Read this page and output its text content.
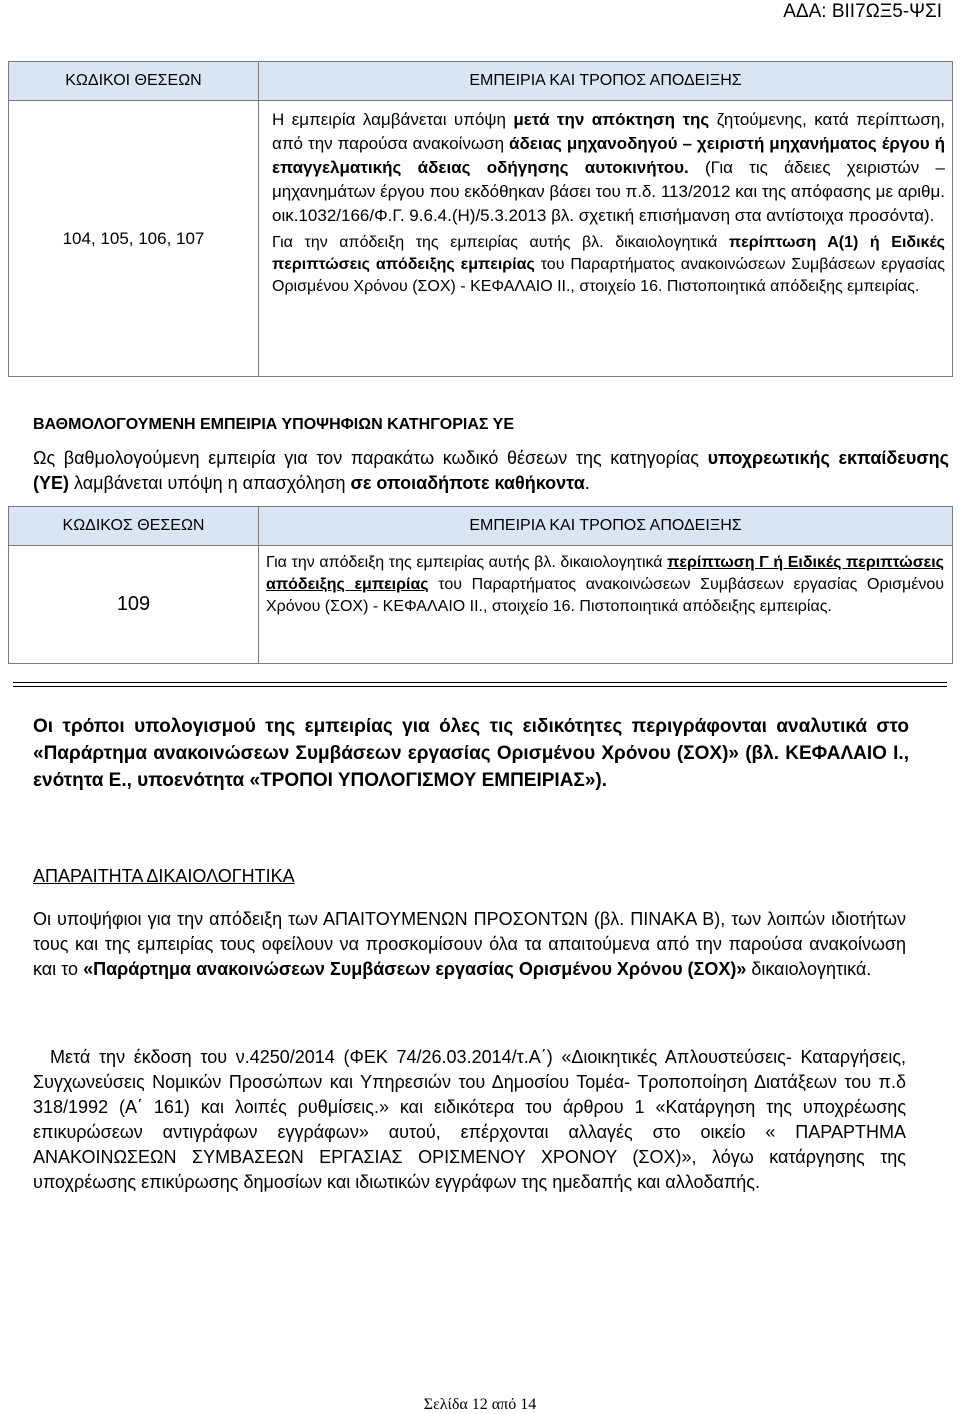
ΑΔΑ: ΒΙΙ7ΩΞ5-ΨΣΙ
ΚΩΔΙΚΟΙ ΘΕΣΕΩΝ	ΕΜΠΕΙΡΙΑ ΚΑΙ ΤΡΟΠΟΣ ΑΠΟΔΕΙΞΗΣ
104, 105, 106, 107	Η εμπειρία λαμβάνεται υπόψη μετά την απόκτηση της ζητούμενης, κατά περίπτωση, από την παρούσα ανακοίνωση άδειας μηχανοδηγού – χειριστή μηχανήματος έργου ή επαγγελματικής άδειας οδήγησης αυτοκινήτου. (Για τις άδειες χειριστών – μηχανημάτων έργου που εκδόθηκαν βάσει του π.δ. 113/2012 και της απόφασης με αριθμ. οικ.1032/166/Φ.Γ. 9.6.4.(Η)/5.3.2013 βλ. σχετική επισήμανση στα αντίστοιχα προσόντα).
Για την απόδειξη της εμπειρίας αυτής βλ. δικαιολογητικά περίπτωση Α(1) ή Ειδικές περιπτώσεις απόδειξης εμπειρίας του Παραρτήματος ανακοινώσεων Συμβάσεων εργασίας Ορισμένου Χρόνου (ΣΟΧ) - ΚΕΦΑΛΑΙΟ ΙΙ., στοιχείο 16. Πιστοποιητικά απόδειξης εμπειρίας.
ΒΑΘΜΟΛΟΓΟΥΜΕΝΗ ΕΜΠΕΙΡΙΑ ΥΠΟΨΗΦΙΩΝ ΚΑΤΗΓΟΡΙΑΣ ΥΕ
Ως βαθμολογούμενη εμπειρία για τον παρακάτω κωδικό θέσεων της κατηγορίας υποχρεωτικής εκπαίδευσης (ΥΕ) λαμβάνεται υπόψη η απασχόληση σε οποιαδήποτε καθήκοντα.
ΚΩΔΙΚΟΣ ΘΕΣΕΩΝ	ΕΜΠΕΙΡΙΑ ΚΑΙ ΤΡΟΠΟΣ ΑΠΟΔΕΙΞΗΣ
109	Για την απόδειξη της εμπειρίας αυτής βλ. δικαιολογητικά περίπτωση Γ ή Ειδικές περιπτώσεις απόδειξης εμπειρίας του Παραρτήματος ανακοινώσεων Συμβάσεων εργασίας Ορισμένου Χρόνου (ΣΟΧ) - ΚΕΦΑΛΑΙΟ ΙΙ., στοιχείο 16. Πιστοποιητικά απόδειξης εμπειρίας.
Οι τρόποι υπολογισμού της εμπειρίας για όλες τις ειδικότητες περιγράφονται αναλυτικά στο «Παράρτημα ανακοινώσεων Συμβάσεων εργασίας Ορισμένου Χρόνου (ΣΟΧ)» (βλ. ΚΕΦΑΛΑΙΟ Ι., ενότητα Ε., υποενότητα «ΤΡΟΠΟΙ ΥΠΟΛΟΓΙΣΜΟΥ ΕΜΠΕΙΡΙΑΣ»).
ΑΠΑΡΑΙΤΗΤΑ ΔΙΚΑΙΟΛΟΓΗΤΙΚΑ
Οι υποψήφιοι για την απόδειξη των ΑΠΑΙΤΟΥΜΕΝΩΝ ΠΡΟΣΟΝΤΩΝ (βλ. ΠΙΝΑΚΑ Β), των λοιπών ιδιοτήτων τους και της εμπειρίας τους οφείλουν να προσκομίσουν όλα τα απαιτούμενα από την παρούσα ανακοίνωση και το «Παράρτημα ανακοινώσεων Συμβάσεων εργασίας Ορισμένου Χρόνου (ΣΟΧ)» δικαιολογητικά.
Μετά την έκδοση του ν.4250/2014 (ΦΕΚ 74/26.03.2014/τ.Α΄) «Διοικητικές Απλουστεύσεις- Καταργήσεις, Συγχωνεύσεις Νομικών Προσώπων και Υπηρεσιών του Δημοσίου Τομέα- Τροποποίηση Διατάξεων του π.δ 318/1992 (Α΄ 161) και λοιπές ρυθμίσεις.» και ειδικότερα του άρθρου 1 «Κατάργηση της υποχρέωσης επικυρώσεων αντιγράφων εγγράφων» αυτού, επέρχονται αλλαγές στο οικείο « ΠΑΡΑΡΤΗΜΑ ΑΝΑΚΟΙΝΩΣΕΩΝ ΣΥΜΒΑΣΕΩΝ ΕΡΓΑΣΙΑΣ ΟΡΙΣΜΕΝΟΥ ΧΡΟΝΟΥ (ΣΟΧ)», λόγω κατάργησης της υποχρέωσης επικύρωσης δημοσίων και ιδιωτικών εγγράφων της ημεδαπής και αλλοδαπής.
Σελίδα 12 από 14
